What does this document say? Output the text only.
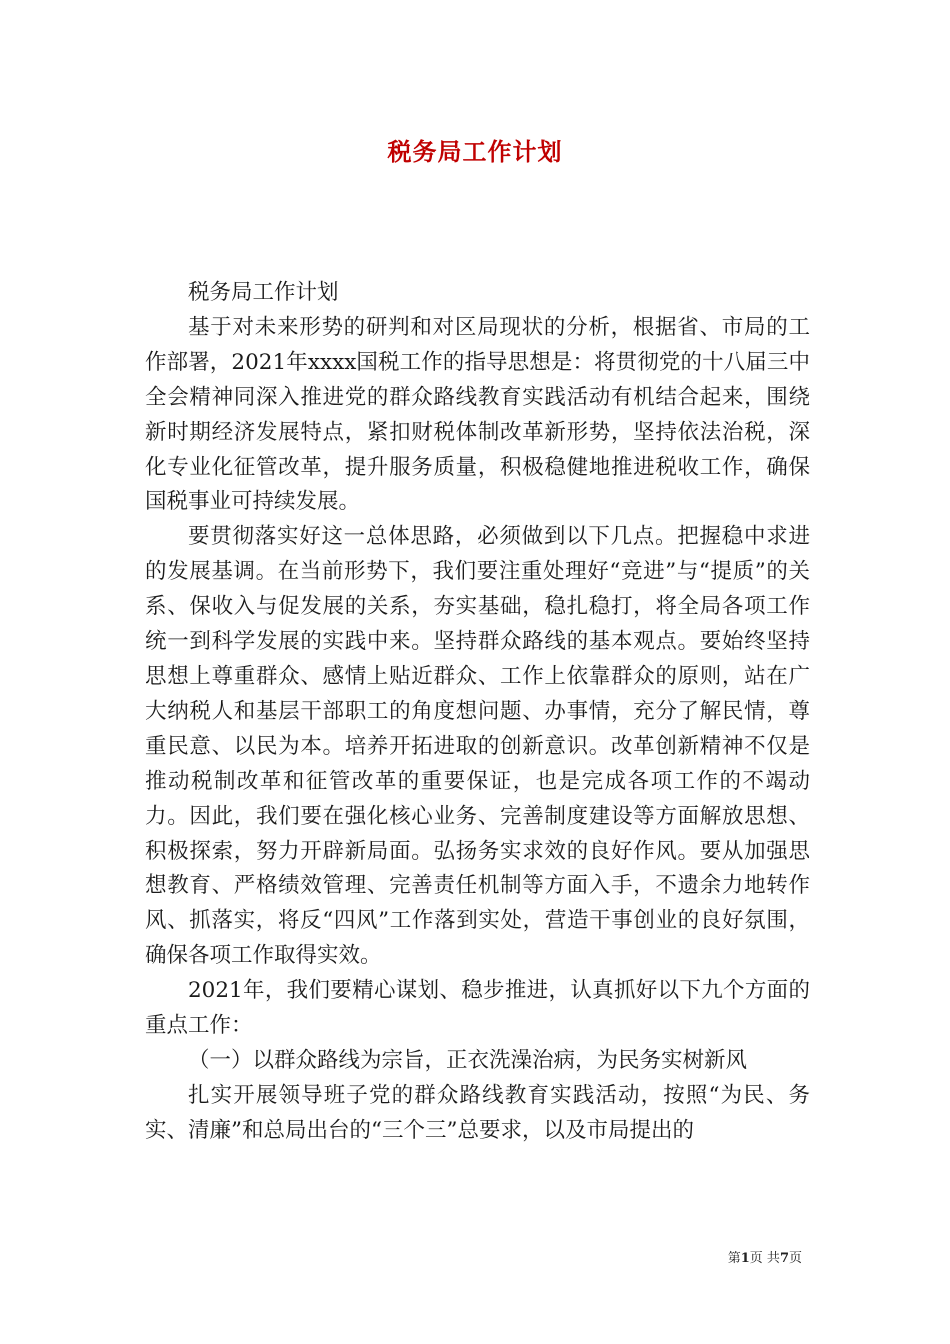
税务局工作计划

税务局工作计划

基于对未来形势的研判和对区局现状的分析，根据省、市局的工作部署，2021年xxxx国税工作的指导思想是：将贯彻党的十八届三中全会精神同深入推进党的群众路线教育实践活动有机结合起来，围绕新时期经济发展特点，紧扣财税体制改革新形势，坚持依法治税，深化专业化征管改革，提升服务质量，积极稳健地推进税收工作，确保国税事业可持续发展。

要贯彻落实好这一总体思路，必须做到以下几点。把握稳中求进的发展基调。在当前形势下，我们要注重处理好“竞进”与“提质”的关系、保收入与促发展的关系，夯实基础，稳扎稳打，将全局各项工作统一到科学发展的实践中来。坚持群众路线的基本观点。要始终坚持思想上尊重群众、感情上贴近群众、工作上依靠群众的原则，站在广大纳税人和基层干部职工的角度想问题、办事情，充分了解民情，尊重民意、以民为本。培养开拓进取的创新意识。改革创新精神不仅是推动税制改革和征管改革的重要保证，也是完成各项工作的不竭动力。因此，我们要在强化核心业务、完善制度建设等方面解放思想、积极探索，努力开辟新局面。弘扬务实求效的良好作风。要从加强思想教育、严格绩效管理、完善责任机制等方面入手，不遗余力地转作风、抓落实，将反“四风”工作落到实处，营造干事创业的良好氛围，确保各项工作取得实效。

2021年，我们要精心谋划、稳步推进，认真抓好以下九个方面的重点工作：

（一）以群众路线为宗旨，正衣洗澡治病，为民务实树新风

扎实开展领导班子党的群众路线教育实践活动，按照“为民、务实、清廉”和总局出台的“三个三”总要求，以及市局提出的

第1页 共7页
